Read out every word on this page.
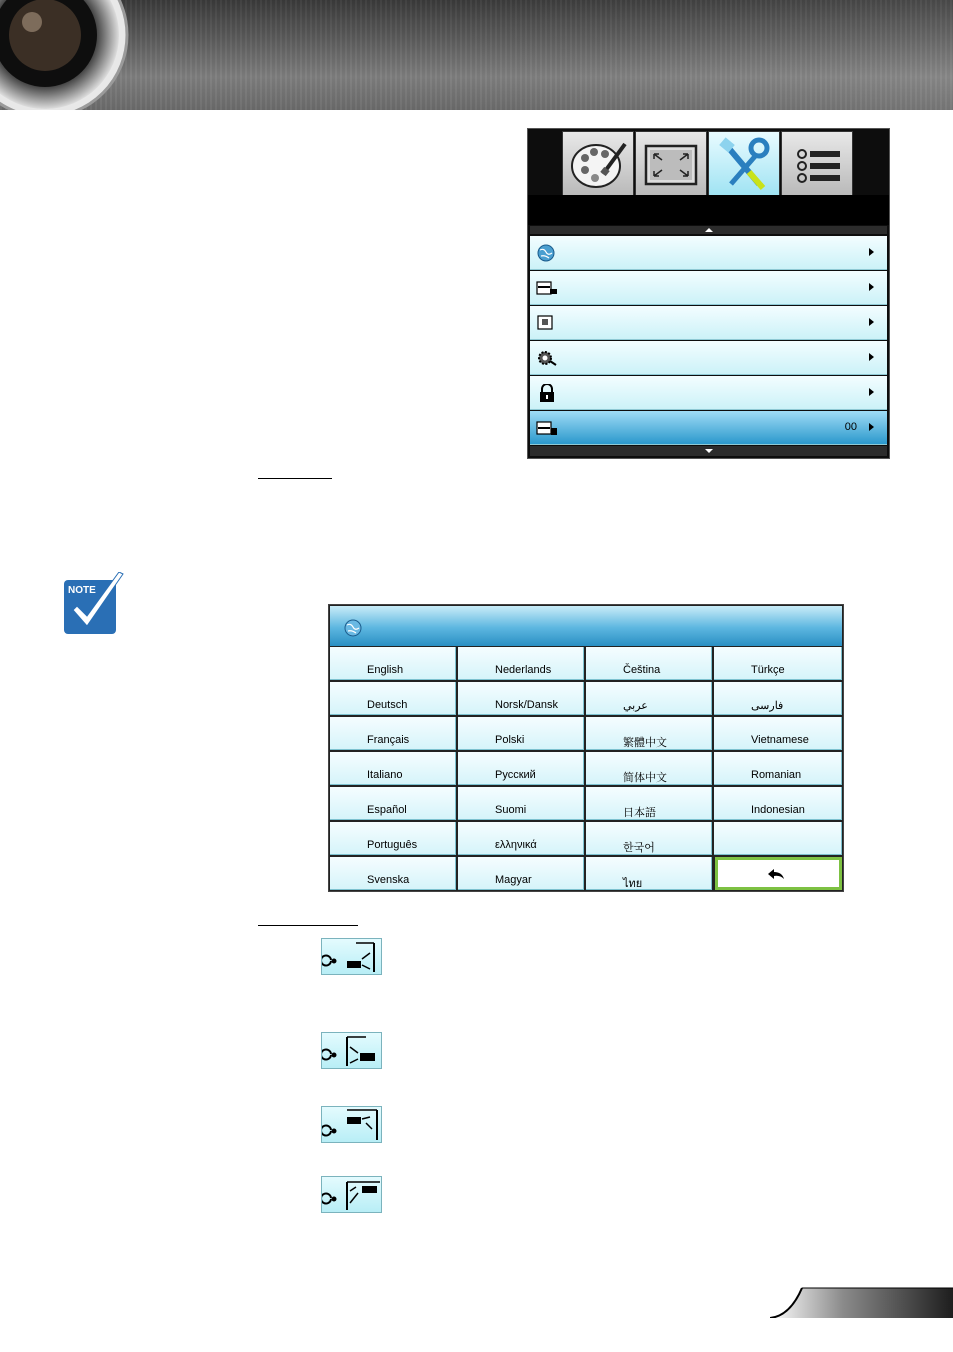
00
NOTE
English
Deutsch
Français
Italiano
Español
Português
Svenska
Nederlands
Norsk/Dansk
Polski
Русский
Suomi
ελληνικά
Magyar
Čeština
عربي
繁體中文
简体中文
日本語
한국어
ไทย
Türkçe
فارسی
Vietnamese
Romanian
Indonesian
